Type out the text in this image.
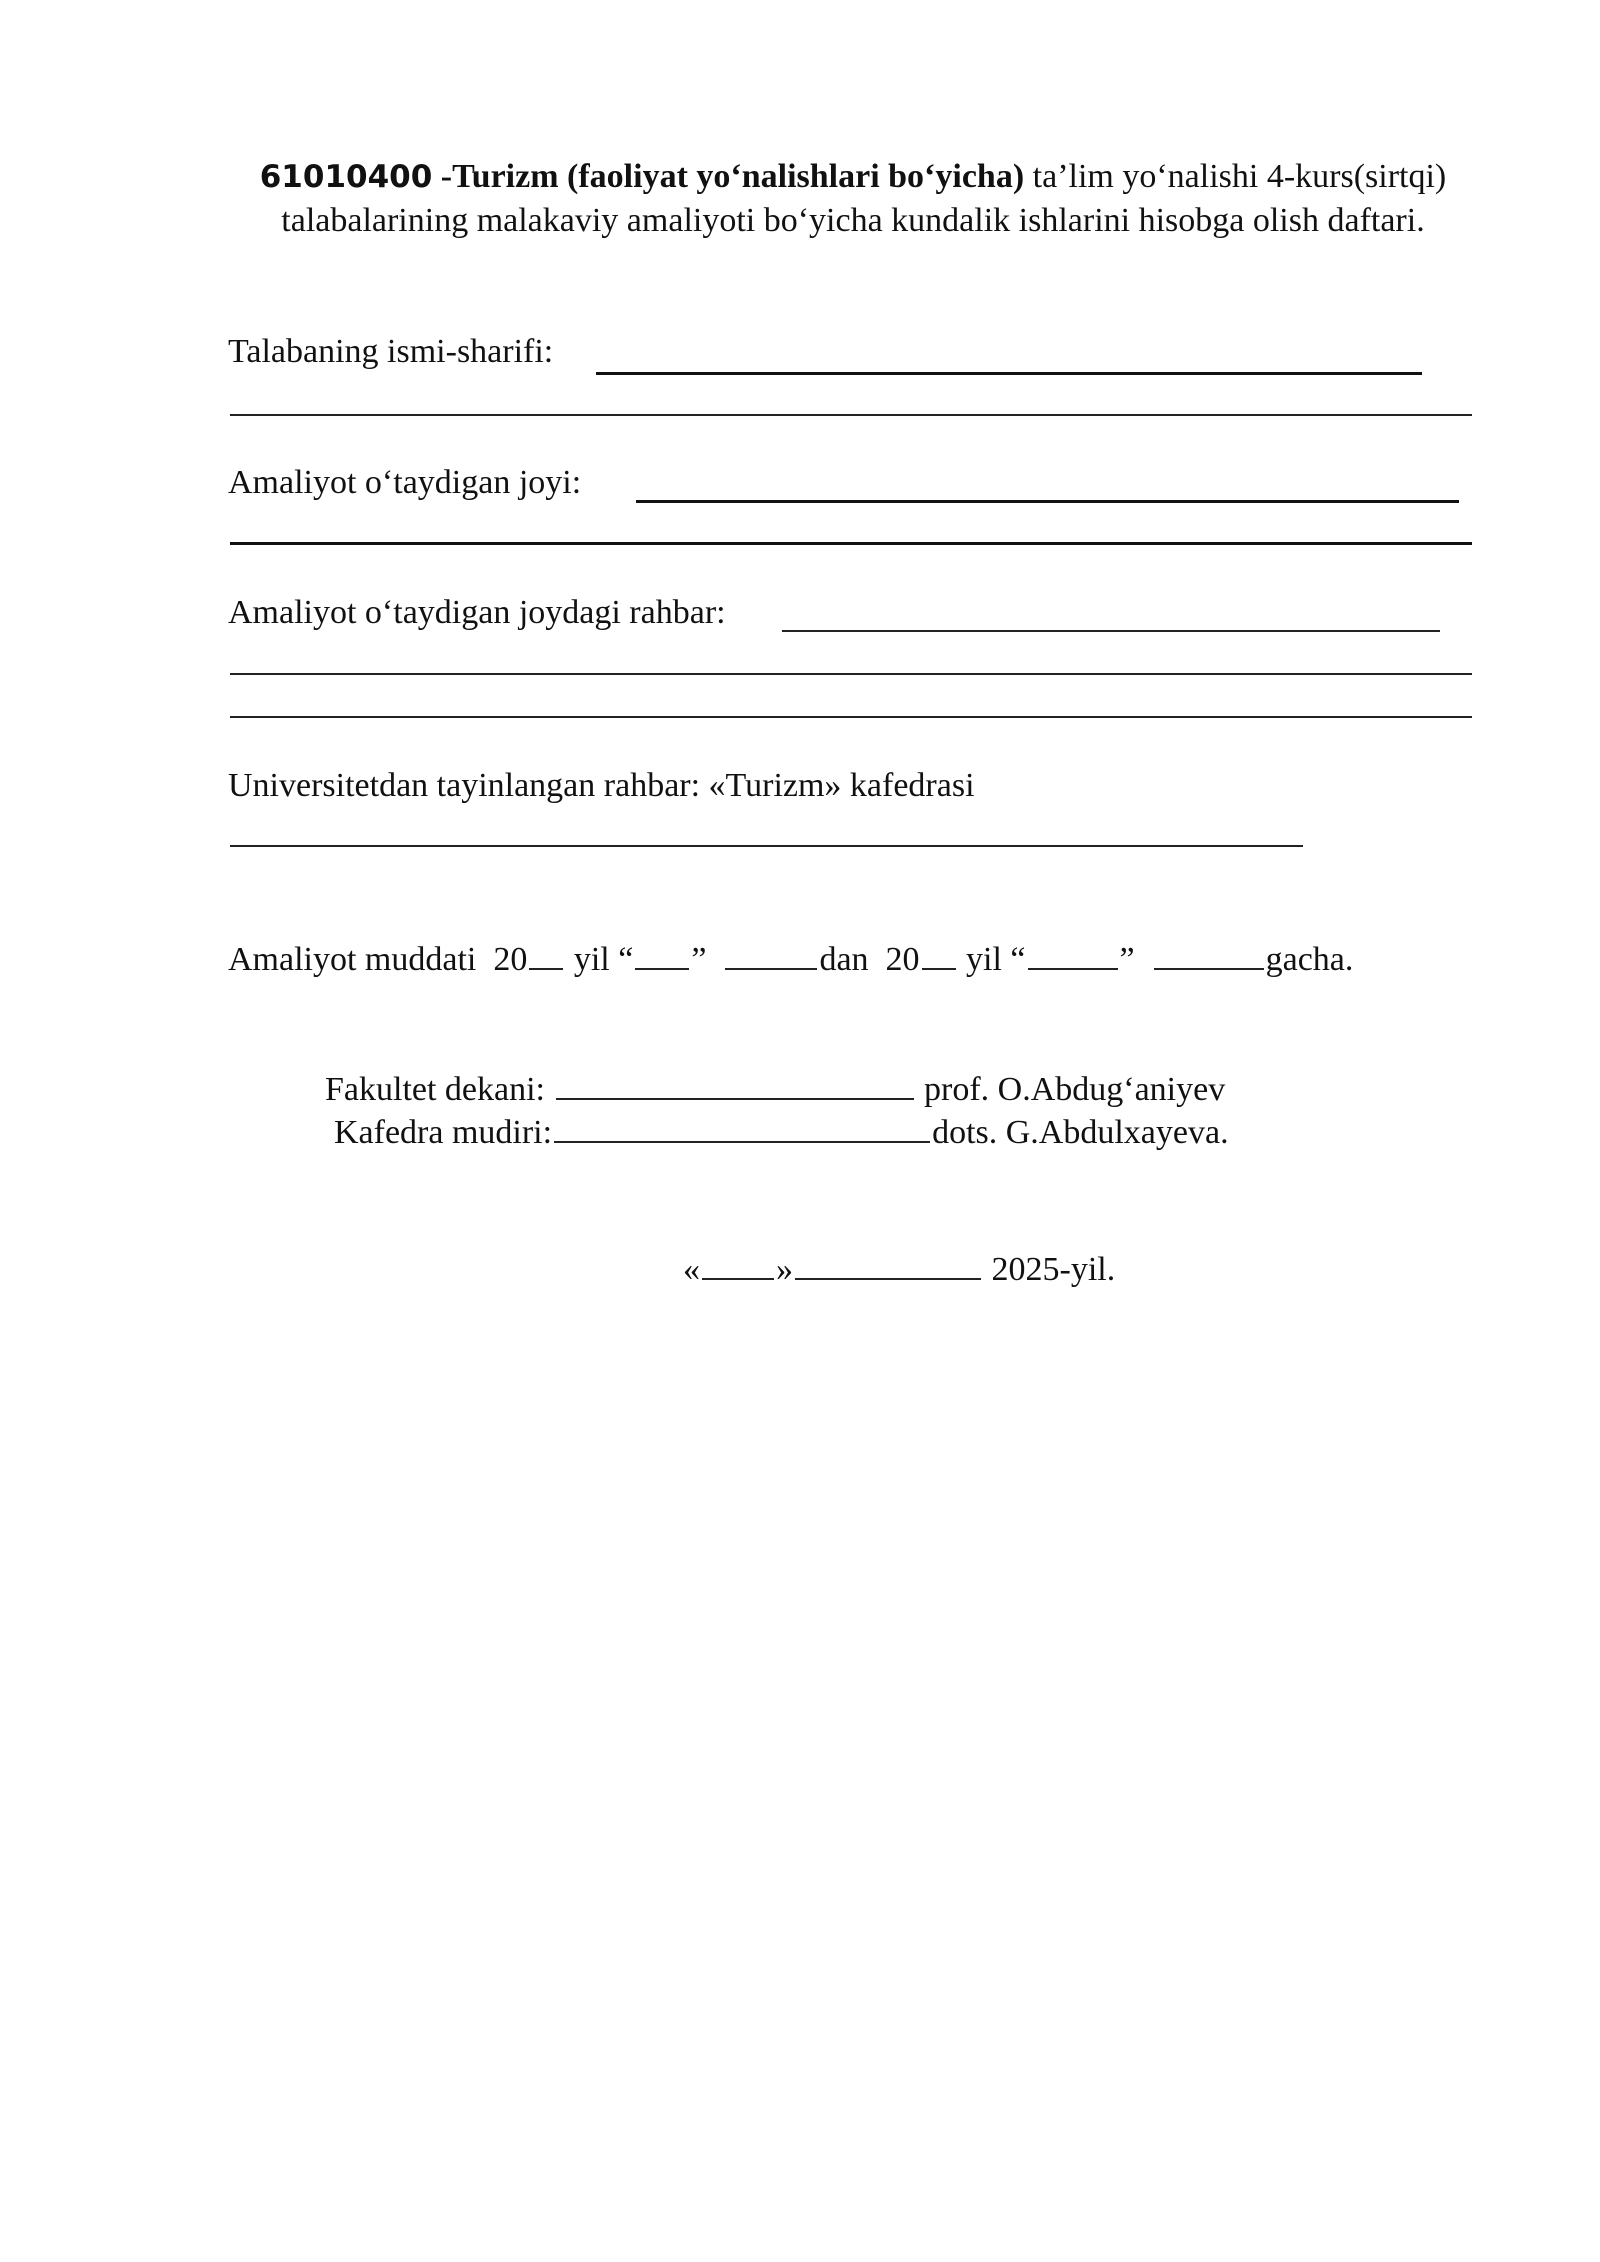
61010400 -Turizm (faoliyat yo‘nalishlari bo‘yicha) ta’lim yo‘nalishi 4-kurs(sirtqi) talabalarining malakaviy amaliyoti bo‘yicha kundalik ishlarini hisobga olish daftari.
Talabaning ismi-sharifi:
Amaliyot o‘taydigan joyi:
Amaliyot o‘taydigan joydagi rahbar:
Universitetdan tayinlangan rahbar: «Turizm» kafedrasi
Amaliyot muddati 20 yil “ ”	dan 20 yil “	”	gacha.
Fakultet dekani:	prof. O.Abdug‘aniyev
Kafedra mudiri:	dots. G.Abdulxayeva.
« »	2025-yil.
